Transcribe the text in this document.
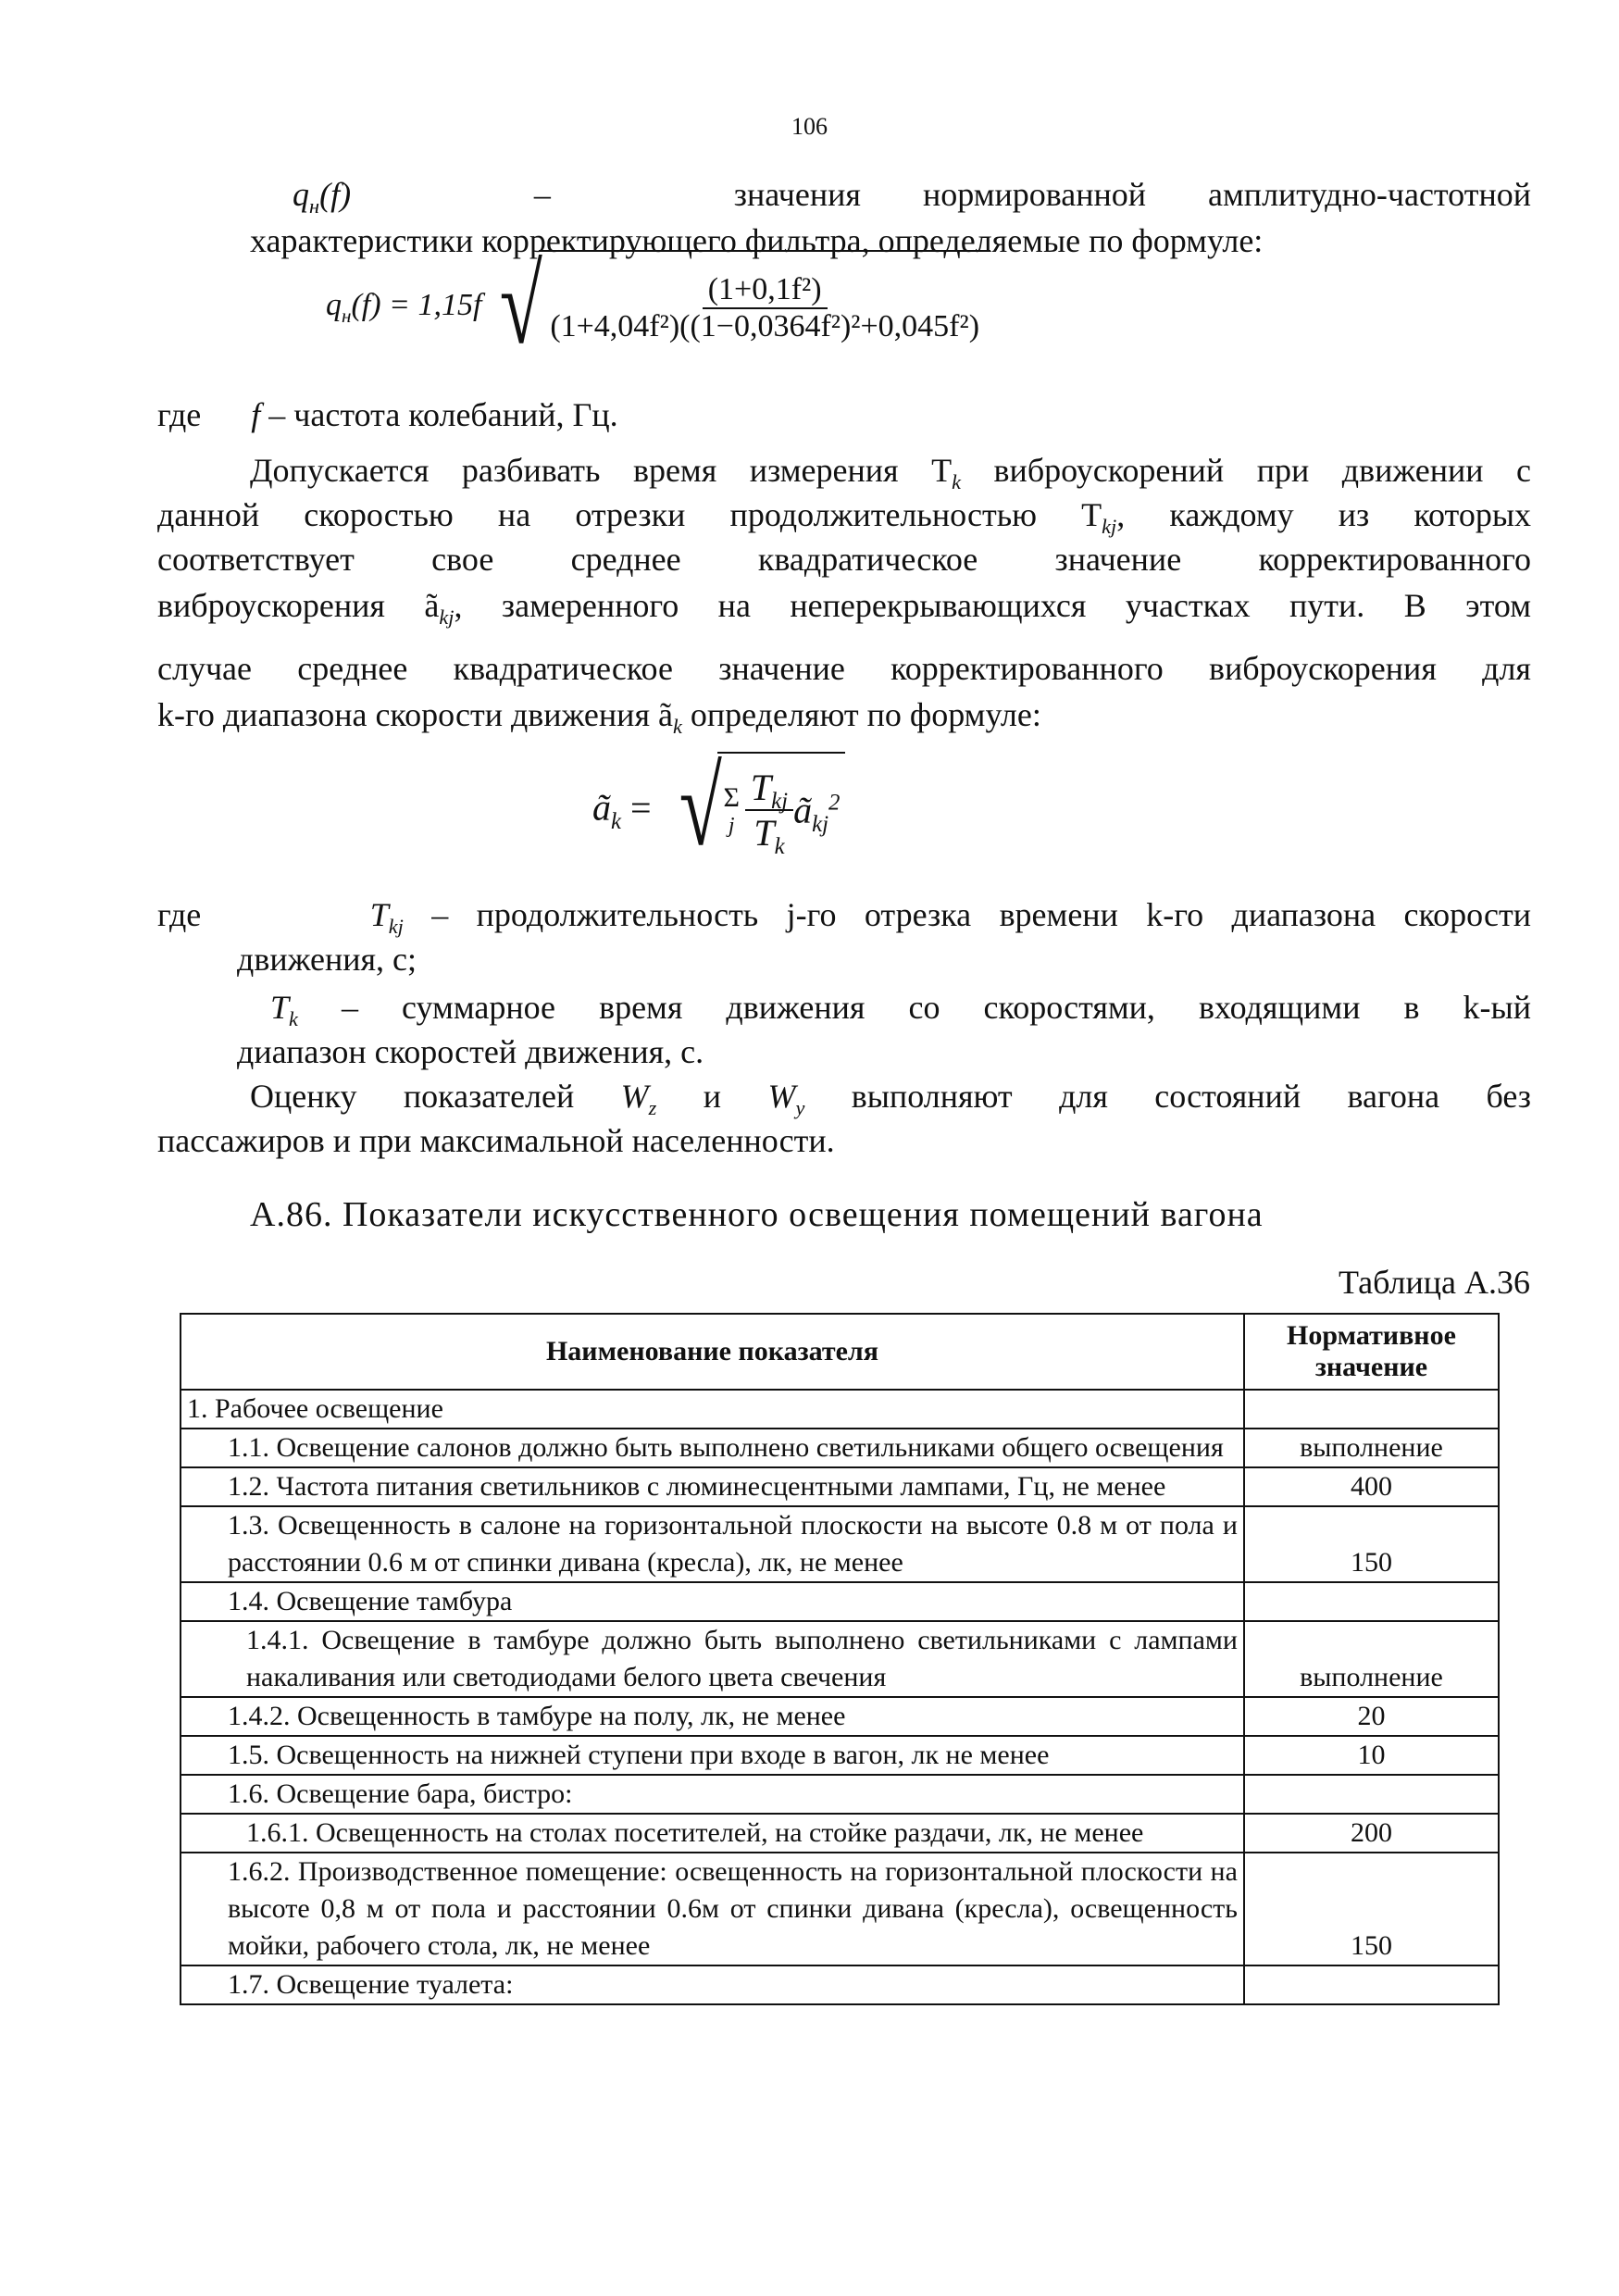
106
$q_н(f)$	–	значения нормированной амплитудно-частотной
характеристики корректирующего фильтра, определяемые по формуле:
$q_н(f) = 1,15f$ √ $\frac{\text{(1+0,1f²)}}{\text{(1+4,04f²)((1−0,0364f²)²+0,045f²)}}$
где f – частота колебаний, Гц.
Допускается разбивать время измерения $T_k$ виброускорений при движении с
данной скоростью на отрезки продолжительностью $T_{kj}$, каждому из которых
соответствует свое среднее квадратическое значение корректированного
виброускорения $ã_{kj}$, замеренного на неперекрывающихся участках пути. В этом
случае среднее квадратическое значение корректированного виброускорения для
k-го диапазона скорости движения $ã_k$ определяют по формуле:
$ã_k$ = √ Σ
j $\frac{T_{kj}}{T_k}$ $ã_{kj}^2$
где	$T_{kj}$ – продолжительность j-го отрезка времени k-го диапазона скорости
движения, с;
$T_k$ – суммарное время движения со скоростями, входящими в k-ый
диапазон скоростей движения, с.
Оценку показателей $W_z$ и $W_y$ выполняют для состояний вагона без
пассажиров и при максимальной населенности.
А.86. Показатели искусственного освещения помещений вагона
Таблица А.36
Наименование показателя	Нормативное значение
1. Рабочее освещение	
1.1. Освещение салонов должно быть выполнено светильниками общего освещения	выполнение
1.2. Частота питания светильников с люминесцентными лампами, Гц, не менее	400
1.3. Освещенность в салоне на горизонтальной плоскости на высоте 0.8 м от пола и расстоянии 0.6 м от спинки дивана (кресла), лк, не менее	150
1.4. Освещение тамбура	
1.4.1. Освещение в тамбуре должно быть выполнено светильниками с лампами накаливания или светодиодами белого цвета свечения	выполнение
1.4.2. Освещенность в тамбуре на полу, лк, не менее	20
1.5. Освещенность на нижней ступени при входе в вагон, лк не менее	10
1.6. Освещение бара, бистро:	
1.6.1. Освещенность на столах посетителей, на стойке раздачи, лк, не менее	200
1.6.2. Производственное помещение: освещенность на горизонтальной плоскости на высоте 0,8 м от пола и расстоянии 0.6м от спинки дивана (кресла), освещенность мойки, рабочего стола, лк, не менее	150
1.7. Освещение туалета:	
